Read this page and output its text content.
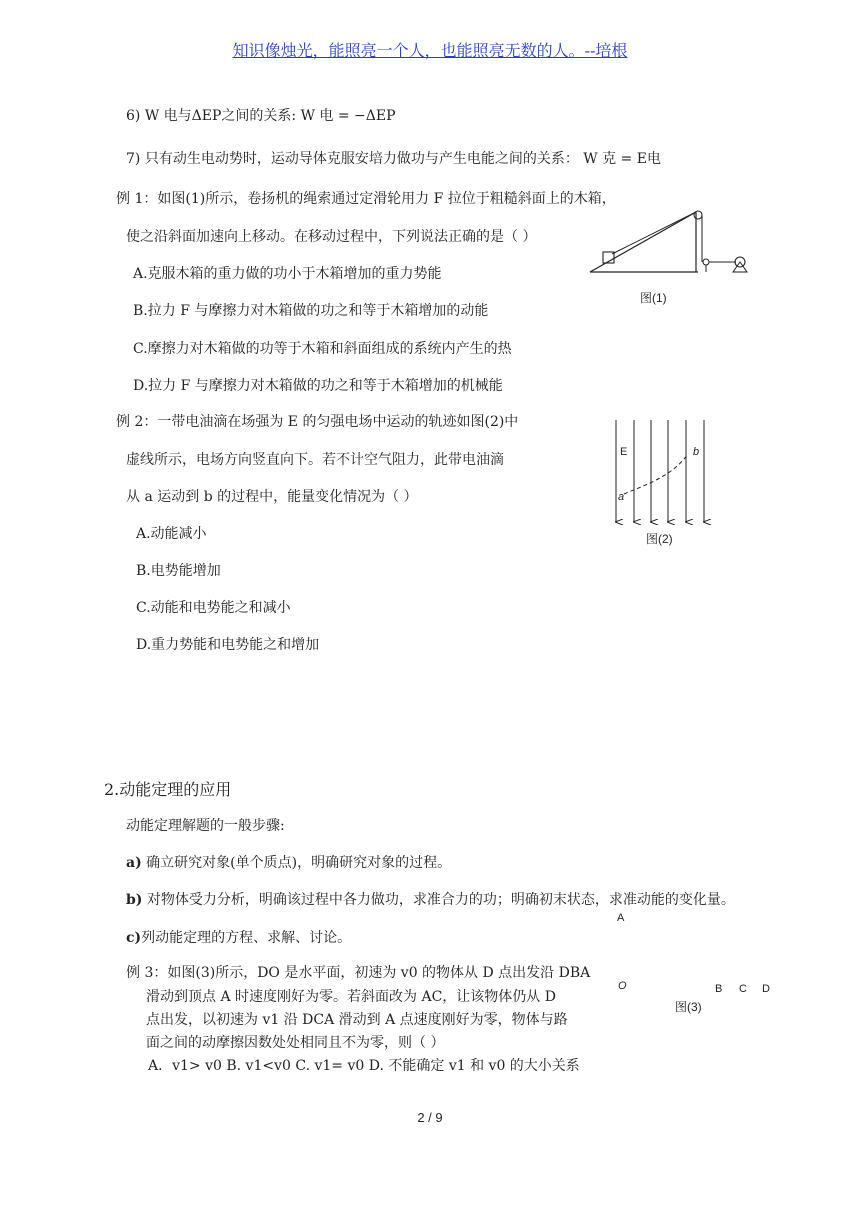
知识像烛光，能照亮一个人，也能照亮无数的人。--培根
6) W 电与ΔEP之间的关系: W 电 = −ΔEP
7) 只有动生电动势时，运动导体克服安培力做功与产生电能之间的关系： W 克 = E电
例 1：如图(1)所示，卷扬机的绳索通过定滑轮用力 F 拉位于粗糙斜面上的木箱，
使之沿斜面加速向上移动。在移动过程中，下列说法正确的是（ ）
A.克服木箱的重力做的功小于木箱增加的重力势能
B.拉力 F 与摩擦力对木箱做的功之和等于木箱增加的动能
C.摩擦力对木箱做的功等于木箱和斜面组成的系统内产生的热
D.拉力 F 与摩擦力对木箱做的功之和等于木箱增加的机械能
图(1)
例 2：一带电油滴在场强为 E 的匀强电场中运动的轨迹如图(2)中
虚线所示，电场方向竖直向下。若不计空气阻力，此带电油滴
从 a 运动到 b 的过程中，能量变化情况为（ ）
A.动能减小
B.电势能增加
C.动能和电势能之和减小
D.重力势能和电势能之和增加
E
a
b
图(2)
2.动能定理的应用
动能定理解题的一般步骤:
a) 确立研究对象(单个质点)，明确研究对象的过程。
b) 对物体受力分析，明确该过程中各力做功，求准合力的功；明确初末状态，求准动能的变化量。
c)列动能定理的方程、求解、讨论。
A
O	B C D
图(3)
例 3：如图(3)所示，DO 是水平面，初速为 v0 的物体从 D 点出发沿 DBA
滑动到顶点 A 时速度刚好为零。若斜面改为 AC，让该物体仍从 D
点出发，以初速为 v1 沿 DCA 滑动到 A 点速度刚好为零，物体与路
面之间的动摩擦因数处处相同且不为零，则（ ）
A．v1> v0 B. v1<v0 C. v1= v0 D. 不能确定 v1 和 v0 的大小关系
2 / 9
